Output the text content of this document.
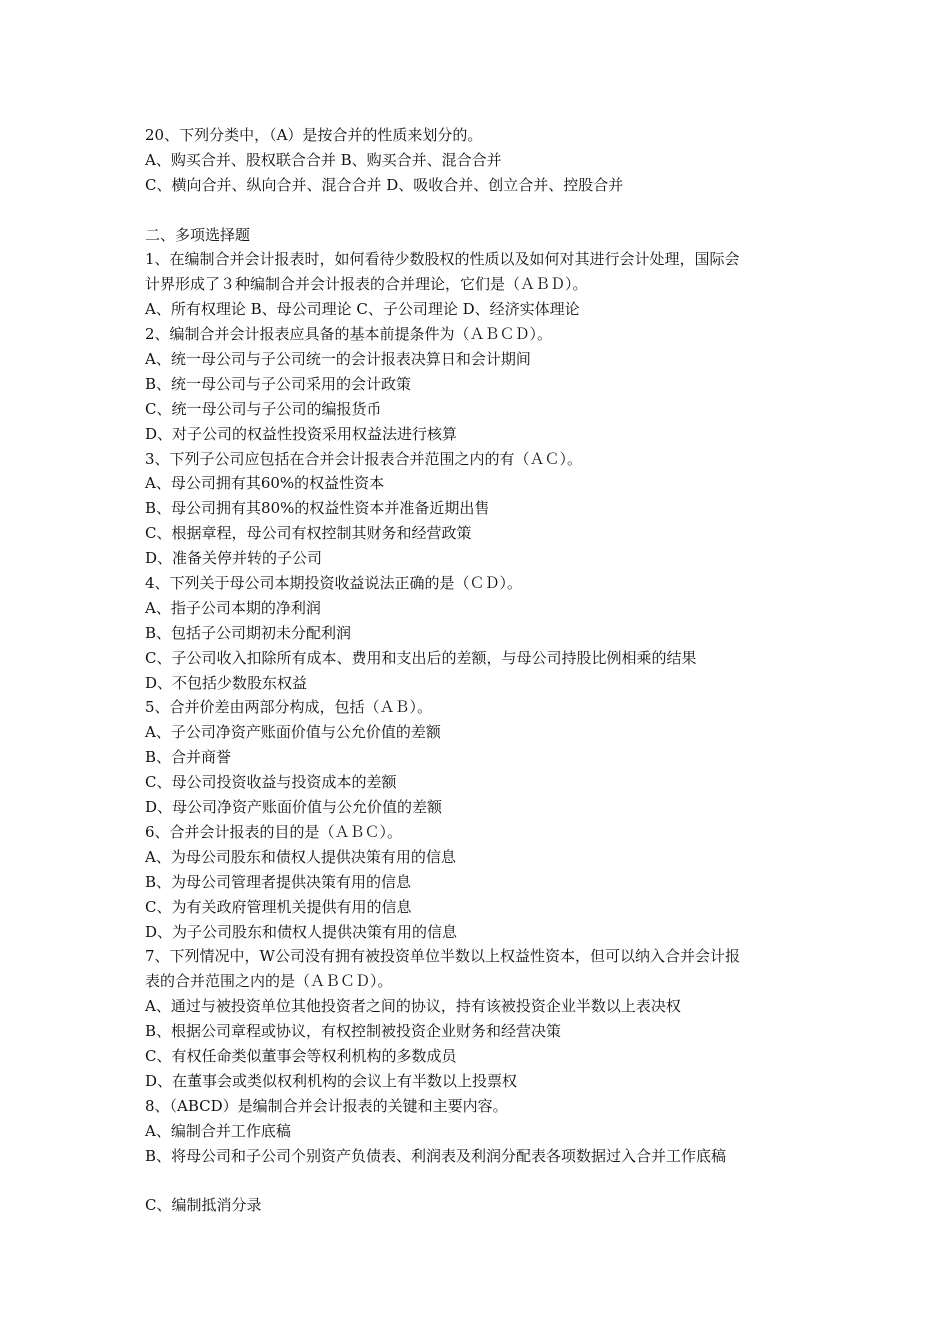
20、下列分类中，（A）是按合并的性质来划分的。
A、购买合并、股权联合合并 B、购买合并、混合合并
C、横向合并、纵向合并、混合合并 D、吸收合并、创立合并、控股合并
二、多项选择题
1、在编制合并会计报表时，如何看待少数股权的性质以及如何对其进行会计处理，国际会
计界形成了３种编制合并会计报表的合并理论，它们是（ＡＢＤ）。
A、所有权理论 B、母公司理论 C、子公司理论 D、经济实体理论
2、编制合并会计报表应具备的基本前提条件为（ＡＢＣＤ）。
A、统一母公司与子公司统一的会计报表决算日和会计期间
B、统一母公司与子公司采用的会计政策
C、统一母公司与子公司的编报货币
D、对子公司的权益性投资采用权益法进行核算
3、下列子公司应包括在合并会计报表合并范围之内的有（ＡＣ）。
A、母公司拥有其60%的权益性资本
B、母公司拥有其80%的权益性资本并准备近期出售
C、根据章程，母公司有权控制其财务和经营政策
D、准备关停并转的子公司
4、下列关于母公司本期投资收益说法正确的是（ＣＤ）。
A、指子公司本期的净利润
B、包括子公司期初未分配利润
C、子公司收入扣除所有成本、费用和支出后的差额，与母公司持股比例相乘的结果
D、不包括少数股东权益
5、合并价差由两部分构成，包括（ＡＢ）。
A、子公司净资产账面价值与公允价值的差额
B、合并商誉
C、母公司投资收益与投资成本的差额
D、母公司净资产账面价值与公允价值的差额
6、合并会计报表的目的是（ＡＢＣ）。
A、为母公司股东和债权人提供决策有用的信息
B、为母公司管理者提供决策有用的信息
C、为有关政府管理机关提供有用的信息
D、为子公司股东和债权人提供决策有用的信息
7、下列情况中，W公司没有拥有被投资单位半数以上权益性资本，但可以纳入合并会计报
表的合并范围之内的是（ＡＢＣＤ）。
A、通过与被投资单位其他投资者之间的协议，持有该被投资企业半数以上表决权
B、根据公司章程或协议，有权控制被投资企业财务和经营决策
C、有权任命类似董事会等权利机构的多数成员
D、在董事会或类似权利机构的会议上有半数以上投票权
8、（ABCD）是编制合并会计报表的关键和主要内容。
A、编制合并工作底稿
B、将母公司和子公司个别资产负债表、利润表及利润分配表各项数据过入合并工作底稿
C、编制抵消分录
